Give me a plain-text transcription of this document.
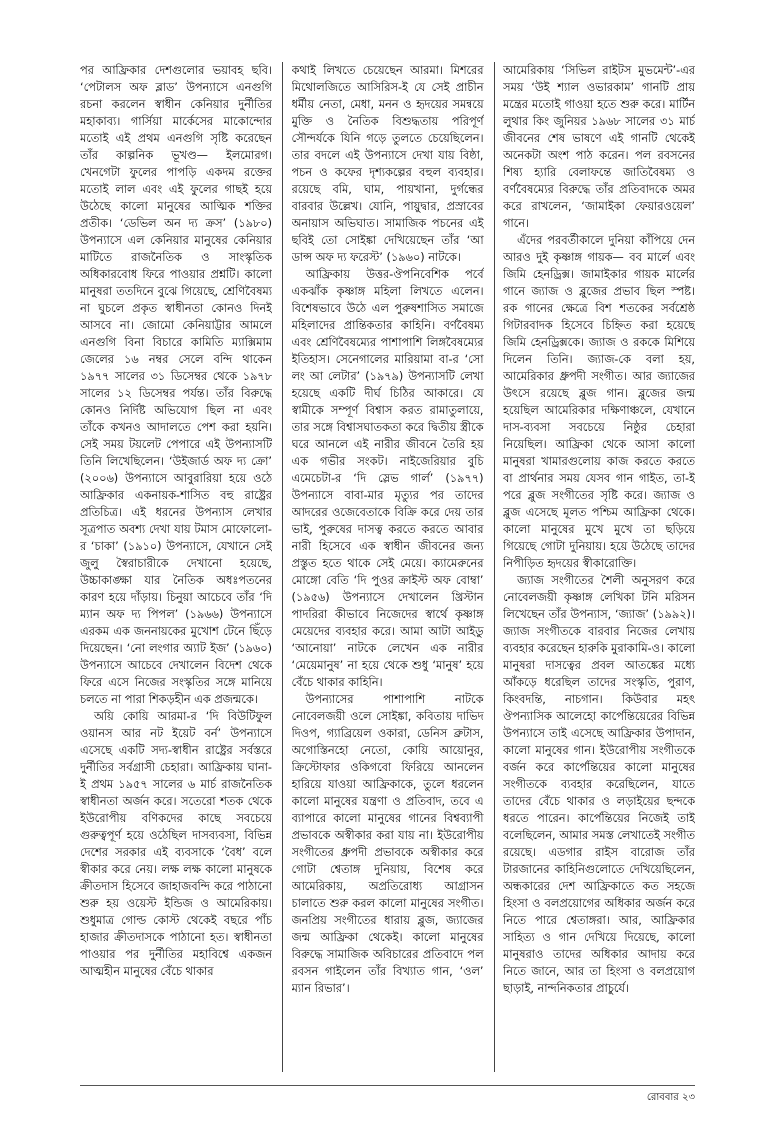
পর আফ্রিকার দেশগুলোর ভয়াবহ ছবি। ‘পেটালস অফ ব্লাড’ উপন্যাসে এনগুগি রচনা করলেন স্বাধীন কেনিয়ার দুর্নীতির মহাকাব্য। গার্সিয়া মার্কেসের মাকোন্দোর মতোই এই প্রথম এনগুগি সৃষ্টি করেছেন তাঁর কাল্পনিক ভূখণ্ড— ইলমোরগ। খেনগেটা ফুলের পাপড়ি একদম রক্তের মতোই লাল এবং এই ফুলের গাছই হয়ে উঠেছে কালো মানুষের আত্মিক শক্তির প্রতীক। ‘ডেভিল অন দ্য ক্রস’ (১৯৮০) উপন্যাসে এল কেনিয়ার মানুষের কেনিয়ার মাটিতে রাজনৈতিক ও সাংস্কৃতিক অধিকারবোধ ফিরে পাওয়ার প্রশ্নটি। কালো মানুষরা ততদিনে বুঝে গিয়েছে, শ্রেণিবৈষম্য না ঘুচলে প্রকৃত স্বাধীনতা কোনও দিনই আসবে না। জোমো কেনিয়াট্টার আমলে এনগুগি বিনা বিচারে কামিতি ম্যাক্সিমাম জেলের ১৬ নম্বর সেলে বন্দি থাকেন ১৯৭৭ সালের ৩১ ডিসেম্বর থেকে ১৯৭৮ সালের ১২ ডিসেম্বর পর্যন্ত। তাঁর বিরুদ্ধে কোনও নির্দিষ্ট অভিযোগ ছিল না এবং তাঁকে কখনও আদালতে পেশ করা হয়নি। সেই সময় টয়লেট পেপারে এই উপন্যাসটি তিনি লিখেছিলেন। ‘উইজার্ড অফ দ্য ক্রো’ (২০০৬) উপন্যাসে আবুরারিয়া হয়ে ওঠে আফ্রিকার একনায়ক-শাসিত বহু রাষ্ট্রের প্রতিচিত্র। এই ধরনের উপন্যাস লেখার সূত্রপাত অবশ্য দেখা যায় টমাস মোফোলো-র ‘চাকা’ (১৯১০) উপন্যাসে, যেখানে সেই জুলু স্বৈরাচারীকে দেখানো হয়েছে, উচ্চাকাঙ্ক্ষা যার নৈতিক অধঃপতনের কারণ হয়ে দাঁড়ায়। চিনুয়া আচেবে তাঁর ‘দি ম্যান অফ দ্য পিপল’ (১৯৬৬) উপন্যাসে এরকম এক জননায়কের মুখোশ টেনে ছিঁড়ে দিয়েছেন। ‘নো লংগার অ্যাট ইজ’ (১৯৬০) উপন্যাসে আচেবে দেখালেন বিদেশ থেকে ফিরে এসে নিজের সংস্কৃতির সঙ্গে মানিয়ে চলতে না পারা শিকড়হীন এক প্রজন্মকে।

অয়ি কোয়ি আরমা-র ‘দি বিউটিফুল ওয়ানস আর নট ইয়েট বর্ন’ উপন্যাসে এসেছে একটি সদ্য-স্বাধীন রাষ্ট্রের সর্বস্তরে দুর্নীতির সর্বগ্রাসী চেহারা। আফ্রিকায় ঘানা-ই প্রথম ১৯৫৭ সালের ৬ মার্চ রাজনৈতিক স্বাধীনতা অর্জন করে। সতেরো শতক থেকে ইউরোপীয় বণিকদের কাছে সবচেয়ে গুরুত্বপূর্ণ হয়ে ওঠেছিল দাসব্যবসা, বিভিন্ন দেশের সরকার এই ব্যবসাকে ‘বৈধ’ বলে স্বীকার করে নেয়। লক্ষ লক্ষ কালো মানুষকে ক্রীতদাস হিসেবে জাহাজবন্দি করে পাঠানো শুরু হয় ওয়েস্ট ইন্ডিজ ও আমেরিকায়। শুধুমাত্র গোল্ড কোস্ট থেকেই বছরে পাঁচ হাজার ক্রীতদাসকে পাঠানো হত। স্বাধীনতা পাওয়ার পর দুর্নীতির মহাবিশ্বে একজন আত্মহীন মানুষের বেঁচে থাকার

কথাই লিখতে চেয়েছেন আরমা। মিশরের মিথোলজিতে আসিরিস-ই যে সেই প্রাচীন ধর্মীয় নেতা, মেধা, মনন ও হৃদয়ের সমন্বয়ে মুক্তি ও নৈতিক বিশুদ্ধতায় পরিপূর্ণ সৌন্দর্যকে যিনি গড়ে তুলতে চেয়েছিলেন। তার বদলে এই উপন্যাসে দেখা যায় বিষ্ঠা, পচন ও কফের দৃশ্যকল্পের বহুল ব্যবহার। রয়েছে বমি, ঘাম, পায়খানা, দুর্গন্ধের বারবার উল্লেখ। যোনি, পায়ুদ্বার, প্রস্রাবের অনায়াস অভিঘাত। সামাজিক পচনের এই ছবিই তো সোইঙ্কা দেখিয়েছেন তাঁর ‘আ ডান্স অফ দ্য ফরেস্ট’ (১৯৬০) নাটকে।

আফ্রিকায় উত্তর-ঔপনিবেশিক পর্বে একঝাঁক কৃষ্ণাঙ্গ মহিলা লিখতে এলেন। বিশেষভাবে উঠে এল পুরুষশাসিত সমাজে মহিলাদের প্রান্তিকতার কাহিনি। বর্ণবৈষম্য এবং শ্রেণিবৈষম্যের পাশাপাশি লিঙ্গবৈষম্যের ইতিহাস। সেনেগালের মারিয়ামা বা-র ‘সো লং আ লেটার’ (১৯৭৯) উপন্যাসটি লেখা হয়েছে একটি দীর্ঘ চিঠির আকারে। যে স্বামীকে সম্পূর্ণ বিশ্বাস করত রামাতুলায়ে, তার সঙ্গে বিশ্বাসঘাতকতা করে দ্বিতীয় স্ত্রীকে ঘরে আনলে এই নারীর জীবনে তৈরি হয় এক গভীর সংকট। নাইজেরিয়ার বুচি এমেচেটা-র ‘দি স্লেভ গার্ল’ (১৯৭৭) উপন্যাসে বাবা-মার মৃত্যুর পর তাদের আদরের ওজেবেতাকে বিক্রি করে দেয় তার ভাই, পুরুষের দাসত্ব করতে করতে আবার নারী হিসেবে এক স্বাধীন জীবনের জন্য প্রস্তুত হতে থাকে সেই মেয়ে। ক্যামেরুনের মোঙ্গো বেতি ‘দি পুওর ক্রাইস্ট অফ বোম্বা’ (১৯৫৬) উপন্যাসে দেখালেন খ্রিস্টান পাদরিরা কীভাবে নিজেদের স্বার্থে কৃষ্ণাঙ্গ মেয়েদের ব্যবহার করে। আমা আটা আইডু ‘আনোয়া’ নাটকে লেখেন এক নারীর ‘মেয়েমানুষ’ না হয়ে থেকে শুধু ‘মানুষ’ হয়ে বেঁচে থাকার কাহিনি।

উপন্যাসের পাশাপাশি নাটকে নোবেলজয়ী ওলে সোইঙ্কা, কবিতায় দাভিদ দিওপ, গ্যাব্রিয়েল ওকারা, ডেনিস ব্রুটাস, অগোস্তিনহো নেতো, কোয়ি আয়োনুর, ক্রিস্টোফার ওকিগবো ফিরিয়ে আনলেন হারিয়ে যাওয়া আফ্রিকাকে, তুলে ধরলেন কালো মানুষের যন্ত্রণা ও প্রতিবাদ, তবে এ ব্যাপারে কালো মানুষের গানের বিশ্বব্যাপী প্রভাবকে অস্বীকার করা যায় না। ইউরোপীয় সংগীতের ধ্রুপদী প্রভাবকে অস্বীকার করে গোটা শ্বেতাঙ্গ দুনিয়ায়, বিশেষ করে আমেরিকায়, অপ্রতিরোধ্য আগ্রাসন চালাতে শুরু করল কালো মানুষের সংগীত। জনপ্রিয় সংগীতের ধারায় ব্লুজ, জ্যাজের জন্ম আফ্রিকা থেকেই। কালো মানুষের বিরুদ্ধে সামাজিক অবিচারের প্রতিবাদে পল রবসন গাইলেন তাঁর বিখ্যাত গান, ‘ওল’ ম্যান রিভার’।

আমেরিকায় ‘সিভিল রাইটস মুভমেন্ট’-এর সময় ‘উই শ্যাল ওভারকাম’ গানটি প্রায় মন্ত্রের মতোই গাওয়া হতে শুরু করে। মার্টিন লুথার কিং জুনিয়র ১৯৬৮ সালের ৩১ মার্চ জীবনের শেষ ভাষণে এই গানটি থেকেই অনেকটা অংশ পাঠ করেন। পল রবসনের শিষ্য হ্যারি বেলাফন্তে জাতিবৈষম্য ও বর্ণবৈষম্যের বিরুদ্ধে তাঁর প্রতিবাদকে অমর করে রাখলেন, ‘জামাইকা ফেয়ারওয়েল’ গানে।

এঁদের পরবর্তীকালে দুনিয়া কাঁপিয়ে দেন আরও দুই কৃষ্ণাঙ্গ গায়ক— বব মার্লে এবং জিমি হেনড্রিক্স। জামাইকার গায়ক মার্লের গানে জ্যাজ ও ব্লুজের প্রভাব ছিল স্পষ্ট। রক গানের ক্ষেত্রে বিশ শতকের সর্বশ্রেষ্ঠ গিটারবাদক হিসেবে চিহ্নিত করা হয়েছে জিমি হেনড্রিক্সকে। জ্যাজ ও রককে মিশিয়ে দিলেন তিনি। জ্যাজ-কে বলা হয়, আমেরিকার ধ্রুপদী সংগীত। আর জ্যাজের উৎসে রয়েছে ব্লুজ গান। ব্লুজের জন্ম হয়েছিল আমেরিকার দক্ষিণাঞ্চলে, যেখানে দাস-ব্যবসা সবচেয়ে নিষ্ঠুর চেহারা নিয়েছিল। আফ্রিকা থেকে আসা কালো মানুষরা খামারগুলোয় কাজ করতে করতে বা প্রার্থনার সময় যেসব গান গাইত, তা-ই পরে ব্লুজ সংগীতের সৃষ্টি করে। জ্যাজ ও ব্লুজ এসেছে মূলত পশ্চিম আফ্রিকা থেকে। কালো মানুষের মুখে মুখে তা ছড়িয়ে গিয়েছে গোটা দুনিয়ায়। হয়ে উঠেছে তাদের নিপীড়িত হৃদয়ের স্বীকারোক্তি।

জ্যাজ সংগীতের শৈলী অনুসরণ করে নোবেলজয়ী কৃষ্ণাঙ্গ লেখিকা টনি মরিসন লিখেছেন তাঁর উপন্যাস, ‘জ্যাজ’ (১৯৯২)। জ্যাজ সংগীতকে বারবার নিজের লেখায় ব্যবহার করেছেন হারুকি মুরাকামি-ও। কালো মানুষরা দাসত্বের প্রবল আতঙ্কের মধ্যে আঁকড়ে ধরেছিল তাদের সংস্কৃতি, পুরাণ, কিংবদন্তি, নাচগান। কিউবার মহৎ ঔপন্যাসিক আলেহো কার্পেন্তিয়েরের বিভিন্ন উপন্যাসে তাই এসেছে আফ্রিকার উপাদান, কালো মানুষের গান। ইউরোপীয় সংগীতকে বর্জন করে কার্পেন্তিয়ের কালো মানুষের সংগীতকে ব্যবহার করেছিলেন, যাতে তাদের বেঁচে থাকার ও লড়াইয়ের ছন্দকে ধরতে পারেন। কার্পেন্তিয়ের নিজেই তাই বলেছিলেন, আমার সমস্ত লেখাতেই সংগীত রয়েছে। এডগার রাইস বারোজ তাঁর টারজানের কাহিনিগুলোতে দেখিয়েছিলেন, অন্ধকারের দেশ আফ্রিকাতে কত সহজে হিংসা ও বলপ্রয়োগের অধিকার অর্জন করে নিতে পারে শ্বেতাঙ্গরা। আর, আফ্রিকার সাহিত্য ও গান দেখিয়ে দিয়েছে, কালো মানুষরাও তাদের অধিকার আদায় করে নিতে জানে, আর তা হিংসা ও বলপ্রয়োগ ছাড়াই, নান্দনিকতার প্রাচুর্যে।

রোববার ২৩
